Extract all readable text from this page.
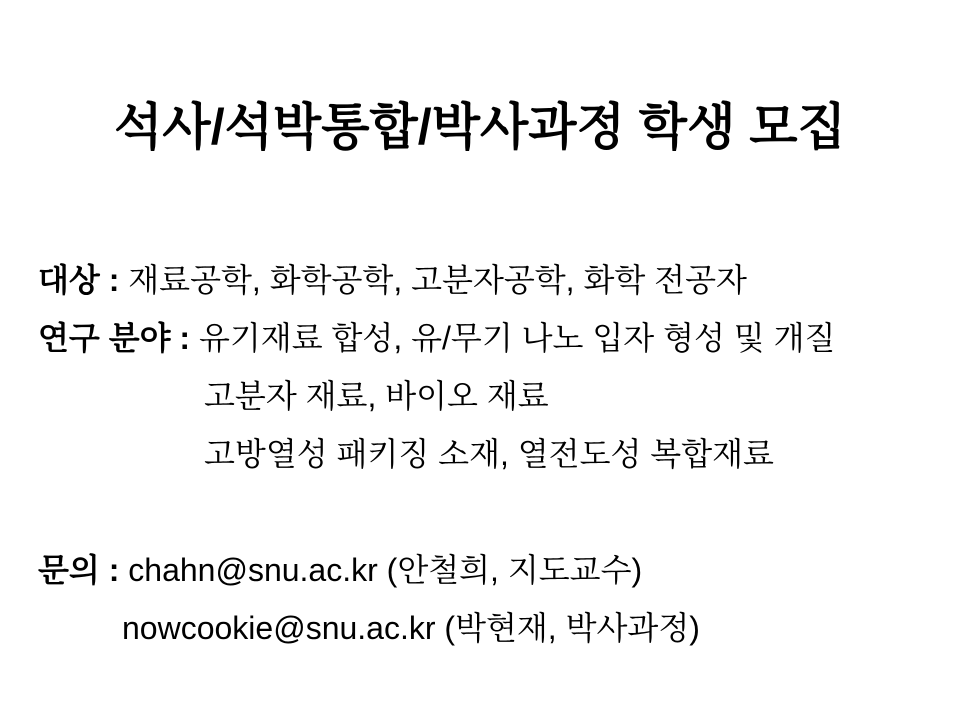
석사/석박통합/박사과정 학생 모집
대상 : 재료공학, 화학공학, 고분자공학, 화학 전공자
연구 분야 : 유기재료 합성, 유/무기 나노 입자 형성 및 개질
고분자 재료, 바이오 재료
고방열성 패키징 소재, 열전도성 복합재료
문의 : chahn@snu.ac.kr (안철희, 지도교수)
nowcookie@snu.ac.kr (박현재, 박사과정)
